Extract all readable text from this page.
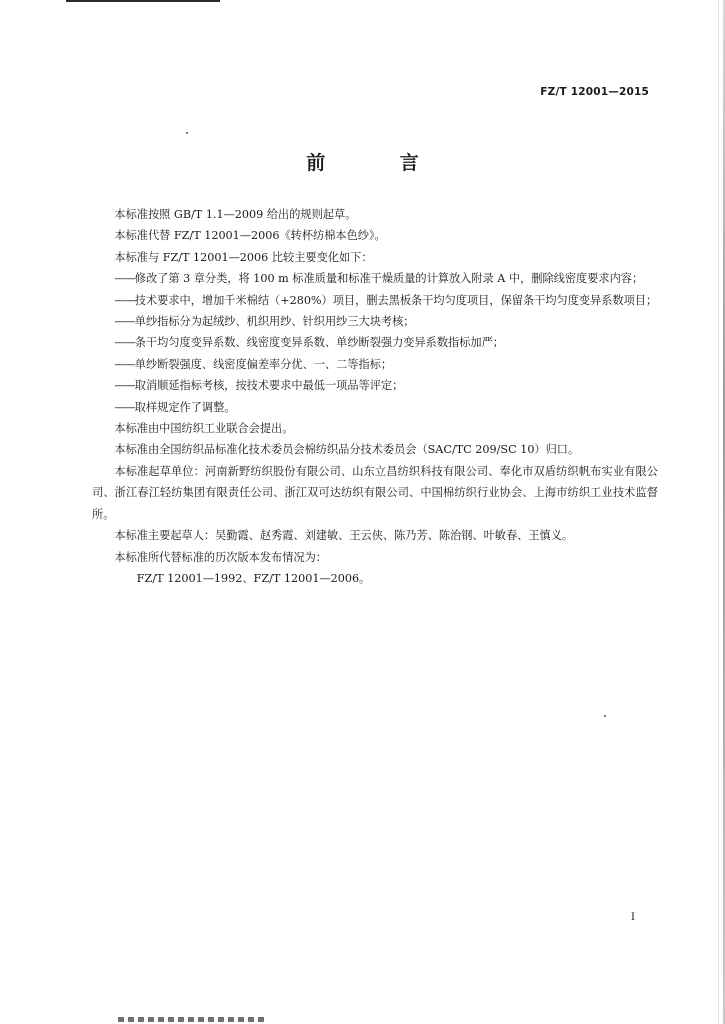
FZ/T 12001—2015
前 言

本标准按照 GB/T 1.1—2009 给出的规则起草。

本标准代替 FZ/T 12001—2006《转杯纺棉本色纱》。

本标准与 FZ/T 12001—2006 比较主要变化如下：

——修改了第 3 章分类，将 100 m 标准质量和标准干燥质量的计算放入附录 A 中，删除线密度要求内容；

——技术要求中，增加千米棉结（+280%）项目，删去黑板条干均匀度项目，保留条干均匀度变异系数项目；

——单纱指标分为起绒纱、机织用纱、针织用纱三大块考核；

——条干均匀度变异系数、线密度变异系数、单纱断裂强力变异系数指标加严；

——单纱断裂强度、线密度偏差率分优、一、二等指标；

——取消顺延指标考核，按技术要求中最低一项品等评定；

——取样规定作了调整。

本标准由中国纺织工业联合会提出。

本标准由全国纺织品标准化技术委员会棉纺织品分技术委员会（SAC/TC 209/SC 10）归口。

本标准起草单位：河南新野纺织股份有限公司、山东立昌纺织科技有限公司、奉化市双盾纺织帆布实业有限公司、浙江春江轻纺集团有限责任公司、浙江双可达纺织有限公司、中国棉纺织行业协会、上海市纺织工业技术监督所。

本标准主要起草人：吴勤霞、赵秀霞、刘建敏、王云侠、陈乃芳、陈治钢、叶敏春、王慎义。

本标准所代替标准的历次版本发布情况为：

FZ/T 12001—1992、FZ/T 12001—2006。

I
